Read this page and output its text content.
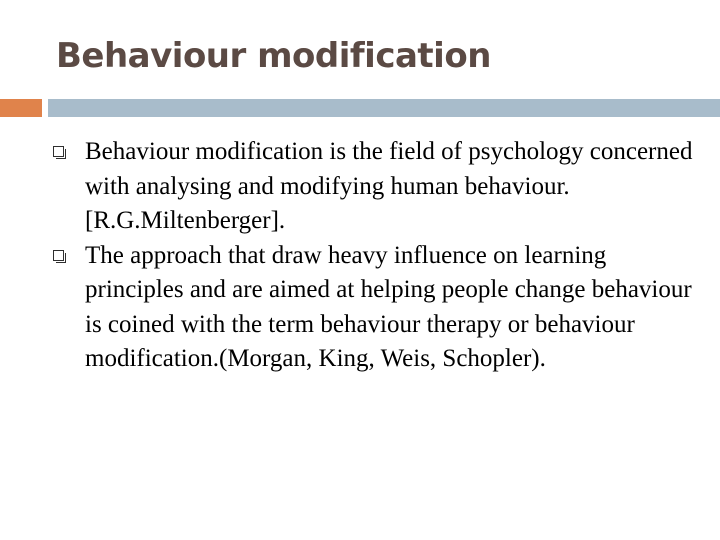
Behaviour modification
Behaviour modification is the field of psychology concerned with analysing and modifying human behaviour.[R.G.Miltenberger].
The approach that draw heavy influence on learning principles and are aimed at helping people change behaviour is coined with the term behaviour therapy or behaviour modification.(Morgan, King, Weis, Schopler).
